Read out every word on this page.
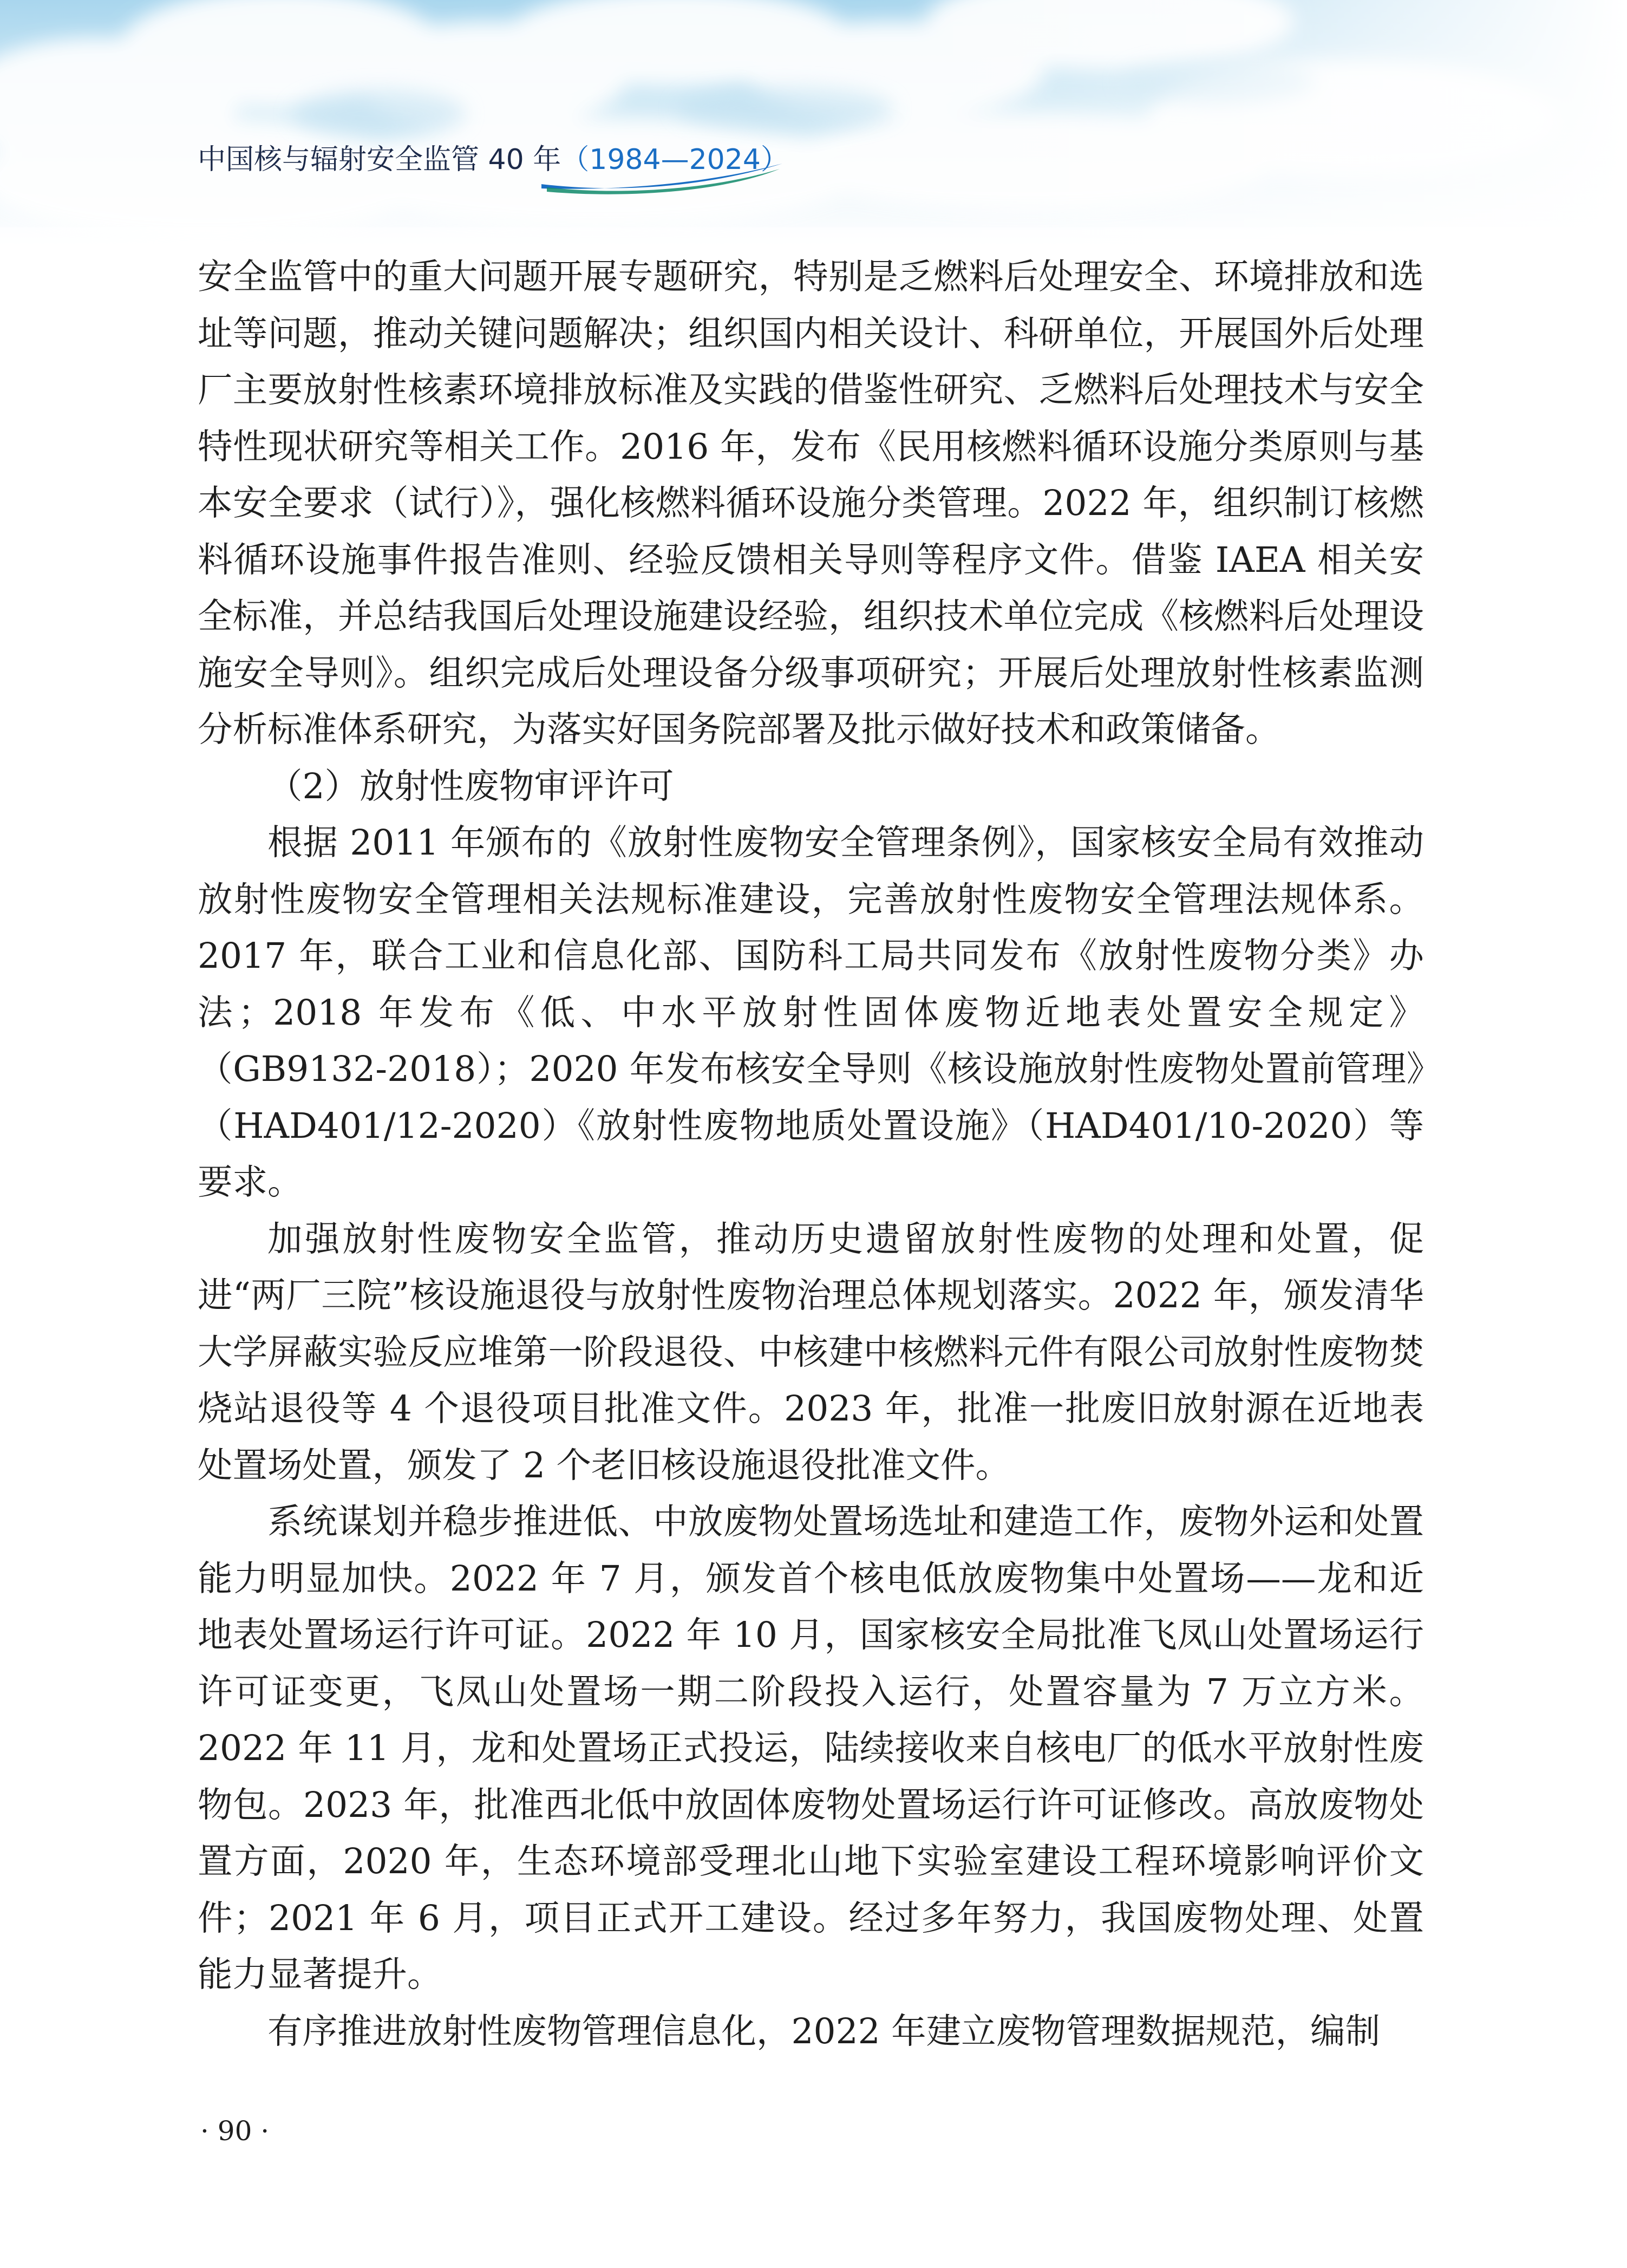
中国核与辐射安全监管 40 年（1984—2024）

安全监管中的重大问题开展专题研究，特别是乏燃料后处理安全、环境排放和选址等问题，推动关键问题解决；组织国内相关设计、科研单位，开展国外后处理厂主要放射性核素环境排放标准及实践的借鉴性研究、乏燃料后处理技术与安全特性现状研究等相关工作。2016 年，发布《民用核燃料循环设施分类原则与基本安全要求（试行）》，强化核燃料循环设施分类管理。2022 年，组织制订核燃料循环设施事件报告准则、经验反馈相关导则等程序文件。借鉴 IAEA 相关安全标准，并总结我国后处理设施建设经验，组织技术单位完成《核燃料后处理设施安全导则》。组织完成后处理设备分级事项研究；开展后处理放射性核素监测分析标准体系研究，为落实好国务院部署及批示做好技术和政策储备。

（2）放射性废物审评许可

根据 2011 年颁布的《放射性废物安全管理条例》，国家核安全局有效推动放射性废物安全管理相关法规标准建设，完善放射性废物安全管理法规体系。2017 年，联合工业和信息化部、国防科工局共同发布《放射性废物分类》办法；2018 年发布《低、中水平放射性固体废物近地表处置安全规定》（GB9132-2018）；2020 年发布核安全导则《核设施放射性废物处置前管理》（HAD401/12-2020）《放射性废物地质处置设施》（HAD401/10-2020）等要求。

加强放射性废物安全监管，推动历史遗留放射性废物的处理和处置，促进“两厂三院”核设施退役与放射性废物治理总体规划落实。2022 年，颁发清华大学屏蔽实验反应堆第一阶段退役、中核建中核燃料元件有限公司放射性废物焚烧站退役等 4 个退役项目批准文件。2023 年，批准一批废旧放射源在近地表处置场处置，颁发了 2 个老旧核设施退役批准文件。

系统谋划并稳步推进低、中放废物处置场选址和建造工作，废物外运和处置能力明显加快。2022 年 7 月，颁发首个核电低放废物集中处置场——龙和近地表处置场运行许可证。2022 年 10 月，国家核安全局批准飞凤山处置场运行许可证变更，飞凤山处置场一期二阶段投入运行，处置容量为 7 万立方米。2022 年 11 月，龙和处置场正式投运，陆续接收来自核电厂的低水平放射性废物包。2023 年，批准西北低中放固体废物处置场运行许可证修改。高放废物处置方面，2020 年，生态环境部受理北山地下实验室建设工程环境影响评价文件；2021 年 6 月，项目正式开工建设。经过多年努力，我国废物处理、处置能力显著提升。

有序推进放射性废物管理信息化，2022 年建立废物管理数据规范，编制

· 90 ·
